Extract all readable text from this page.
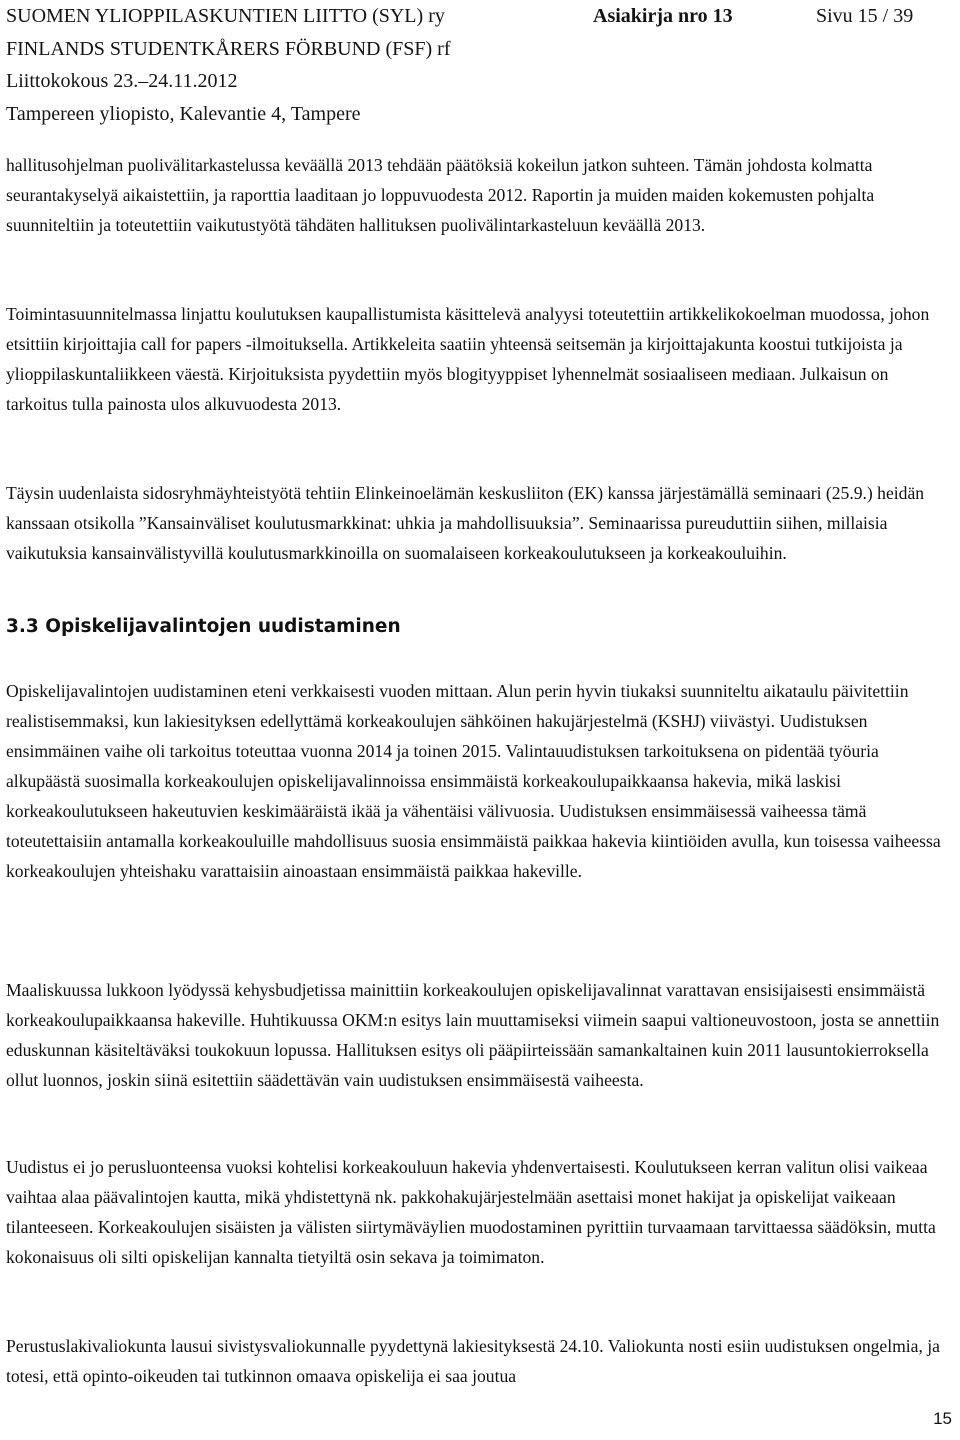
SUOMEN YLIOPPILASKUNTIEN LIITTO (SYL) ry	Asiakirja nro 13	Sivu 15 / 39
FINLANDS STUDENTKÅRERS FÖRBUND (FSF) rf
Liittokokous 23.–24.11.2012
Tampereen yliopisto, Kalevantie 4, Tampere

hallitusohjelman puolivälitarkastelussa keväällä 2013 tehdään päätöksiä kokeilun jatkon suhteen. Tämän johdosta kolmatta seurantakyselyä aikaistettiin, ja raporttia laaditaan jo loppuvuodesta 2012. Raportin ja muiden maiden kokemusten pohjalta suunniteltiin ja toteutettiin vaikutustyötä tähdäten hallituksen puolivälintarkasteluun keväällä 2013.

Toimintasuunnitelmassa linjattu koulutuksen kaupallistumista käsittelevä analyysi toteutettiin artikkelikokoelman muodossa, johon etsittiin kirjoittajia call for papers -ilmoituksella. Artikkeleita saatiin yhteensä seitsemän ja kirjoittajakunta koostui tutkijoista ja ylioppilaskuntaliikkeen väestä. Kirjoituksista pyydettiin myös blogityyppiset lyhennelmät sosiaaliseen mediaan. Julkaisun on tarkoitus tulla painosta ulos alkuvuodesta 2013.

Täysin uudenlaista sidosryhmäyhteistyötä tehtiin Elinkeinoelämän keskusliiton (EK) kanssa järjestämällä seminaari (25.9.) heidän kanssaan otsikolla ”Kansainväliset koulutusmarkkinat: uhkia ja mahdollisuuksia”. Seminaarissa pureuduttiin siihen, millaisia vaikutuksia kansainvälistyvillä koulutusmarkkinoilla on suomalaiseen korkeakoulutukseen ja korkeakouluihin.

3.3 Opiskelijavalintojen uudistaminen

Opiskelijavalintojen uudistaminen eteni verkkaisesti vuoden mittaan. Alun perin hyvin tiukaksi suunniteltu aikataulu päivitettiin realistisemmaksi, kun lakiesityksen edellyttämä korkeakoulujen sähköinen hakujärjestelmä (KSHJ) viivästyi. Uudistuksen ensimmäinen vaihe oli tarkoitus toteuttaa vuonna 2014 ja toinen 2015. Valintauudistuksen tarkoituksena on pidentää työuria alkupäästä suosimalla korkeakoulujen opiskelijavalinnoissa ensimmäistä korkeakoulupaikkaansa hakevia, mikä laskisi korkeakoulutukseen hakeutuvien keskimääräistä ikää ja vähentäisi välivuosia. Uudistuksen ensimmäisessä vaiheessa tämä toteutettaisiin antamalla korkeakouluille mahdollisuus suosia ensimmäistä paikkaa hakevia kiintiöiden avulla, kun toisessa vaiheessa korkeakoulujen yhteishaku varattaisiin ainoastaan ensimmäistä paikkaa hakeville.

Maaliskuussa lukkoon lyödyssä kehysbudjetissa mainittiin korkeakoulujen opiskelijavalinnat varattavan ensisijaisesti ensimmäistä korkeakoulupaikkaansa hakeville. Huhtikuussa OKM:n esitys lain muuttamiseksi viimein saapui valtioneuvostoon, josta se annettiin eduskunnan käsiteltäväksi toukokuun lopussa. Hallituksen esitys oli pääpiirteissään samankaltainen kuin 2011 lausuntokierroksella ollut luonnos, joskin siinä esitettiin säädettävän vain uudistuksen ensimmäisestä vaiheesta.

Uudistus ei jo perusluonteensa vuoksi kohtelisi korkeakouluun hakevia yhdenvertaisesti. Koulutukseen kerran valitun olisi vaikeaa vaihtaa alaa päävalintojen kautta, mikä yhdistettynä nk. pakkohakujärjestelmään asettaisi monet hakijat ja opiskelijat vaikeaan tilanteeseen. Korkeakoulujen sisäisten ja välisten siirtymäväylien muodostaminen pyrittiin turvaamaan tarvittaessa säädöksin, mutta kokonaisuus oli silti opiskelijan kannalta tietyiltä osin sekava ja toimimaton.

Perustuslakivaliokunta lausui sivistysvaliokunnalle pyydettynä lakiesityksestä 24.10. Valiokunta nosti esiin uudistuksen ongelmia, ja totesi, että opinto-oikeuden tai tutkinnon omaava opiskelija ei saa joutua

15
